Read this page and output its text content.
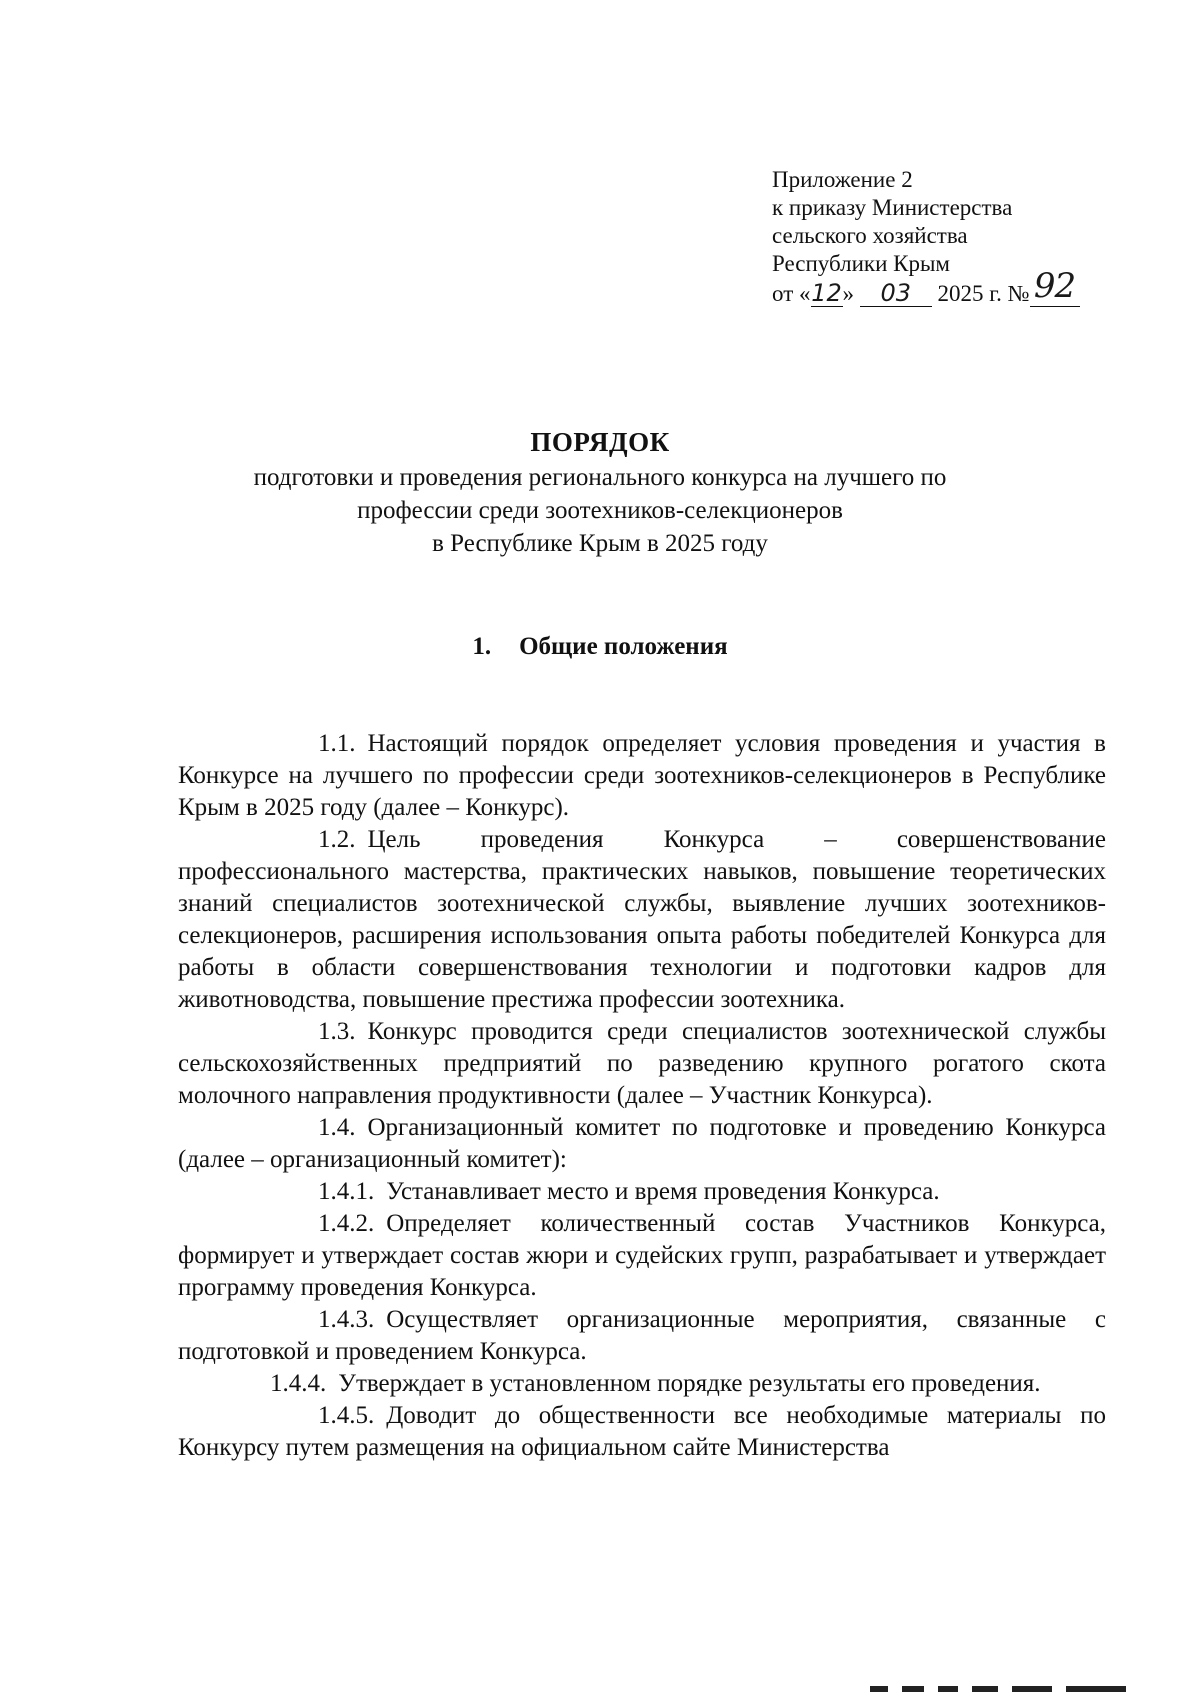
Приложение 2
к приказу Министерства
сельского хозяйства
Республики Крым
от «12» 03 2025 г. № 92
ПОРЯДОК
подготовки и проведения регионального конкурса на лучшего по
профессии среди зоотехников-селекционеров
в Республике Крым в 2025 году
1. Общие положения

1.1. Настоящий порядок определяет условия проведения и участия в Конкурсе на лучшего по профессии среди зоотехников-селекционеров в Республике Крым в 2025 году (далее – Конкурс).

1.2. Цель проведения Конкурса – совершенствование профессионального мастерства, практических навыков, повышение теоретических знаний специалистов зоотехнической службы, выявление лучших зоотехников-селекционеров, расширения использования опыта работы победителей Конкурса для работы в области совершенствования технологии и подготовки кадров для животноводства, повышение престижа профессии зоотехника.

1.3. Конкурс проводится среди специалистов зоотехнической службы сельскохозяйственных предприятий по разведению крупного рогатого скота молочного направления продуктивности (далее – Участник Конкурса).

1.4. Организационный комитет по подготовке и проведению Конкурса (далее – организационный комитет):

1.4.1. Устанавливает место и время проведения Конкурса.

1.4.2. Определяет количественный состав Участников Конкурса, формирует и утверждает состав жюри и судейских групп, разрабатывает и утверждает программу проведения Конкурса.

1.4.3. Осуществляет организационные мероприятия, связанные с подготовкой и проведением Конкурса.

1.4.4. Утверждает в установленном порядке результаты его проведения.

1.4.5. Доводит до общественности все необходимые материалы по Конкурсу путем размещения на официальном сайте Министерства
